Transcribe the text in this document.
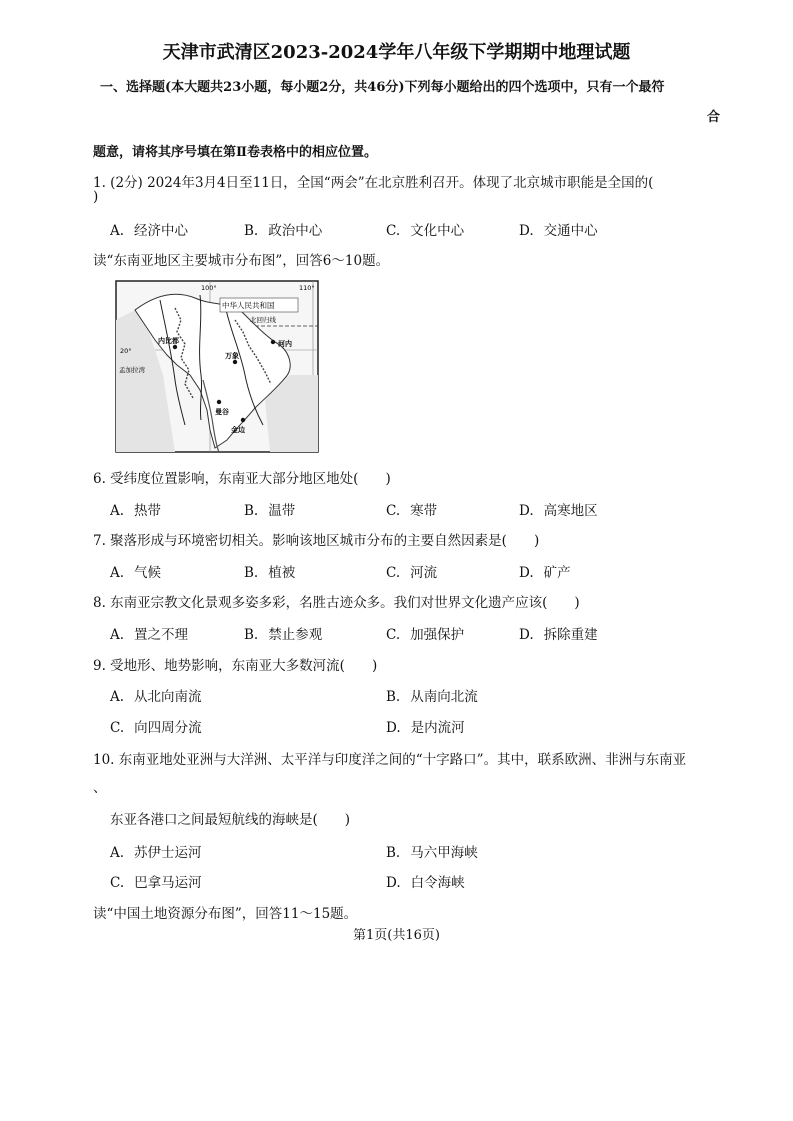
天津市武清区2023-2024学年八年级下学期期中地理试题
一、选择题(本大题共23小题，每小题2分，共46分)下列每小题给出的四个选项中，只有一个最符
合
题意，请将其序号填在第Ⅱ卷表格中的相应位置。
1. (2分) 2024年3月4日至11日，全国“两会”在北京胜利召开。体现了北京城市职能是全国的(
)
A. 经济中心	B. 政治中心	C. 文化中心	D. 交通中心
读“东南亚地区主要城市分布图”，回答6～10题。
中华人民共和国
北回归线
100°	110°
20°
孟加拉湾
内比都
万象
河内
曼谷
金边
6. 受纬度位置影响，东南亚大部分地区地处(　　)
A. 热带	B. 温带	C. 寒带	D. 高寒地区
7. 聚落形成与环境密切相关。影响该地区城市分布的主要自然因素是(　　)
A. 气候	B. 植被	C. 河流	D. 矿产
8. 东南亚宗教文化景观多姿多彩，名胜古迹众多。我们对世界文化遗产应该(　　)
A. 置之不理	B. 禁止参观	C. 加强保护	D. 拆除重建
9. 受地形、地势影响，东南亚大多数河流(　　)
A. 从北向南流	B. 从南向北流
C. 向四周分流	D. 是内流河
10. 东南亚地处亚洲与大洋洲、太平洋与印度洋之间的“十字路口”。其中，联系欧洲、非洲与东南亚
、
东亚各港口之间最短航线的海峡是(　　)
A. 苏伊士运河	B. 马六甲海峡
C. 巴拿马运河	D. 白令海峡
读“中国土地资源分布图”，回答11～15题。
第1页(共16页)
